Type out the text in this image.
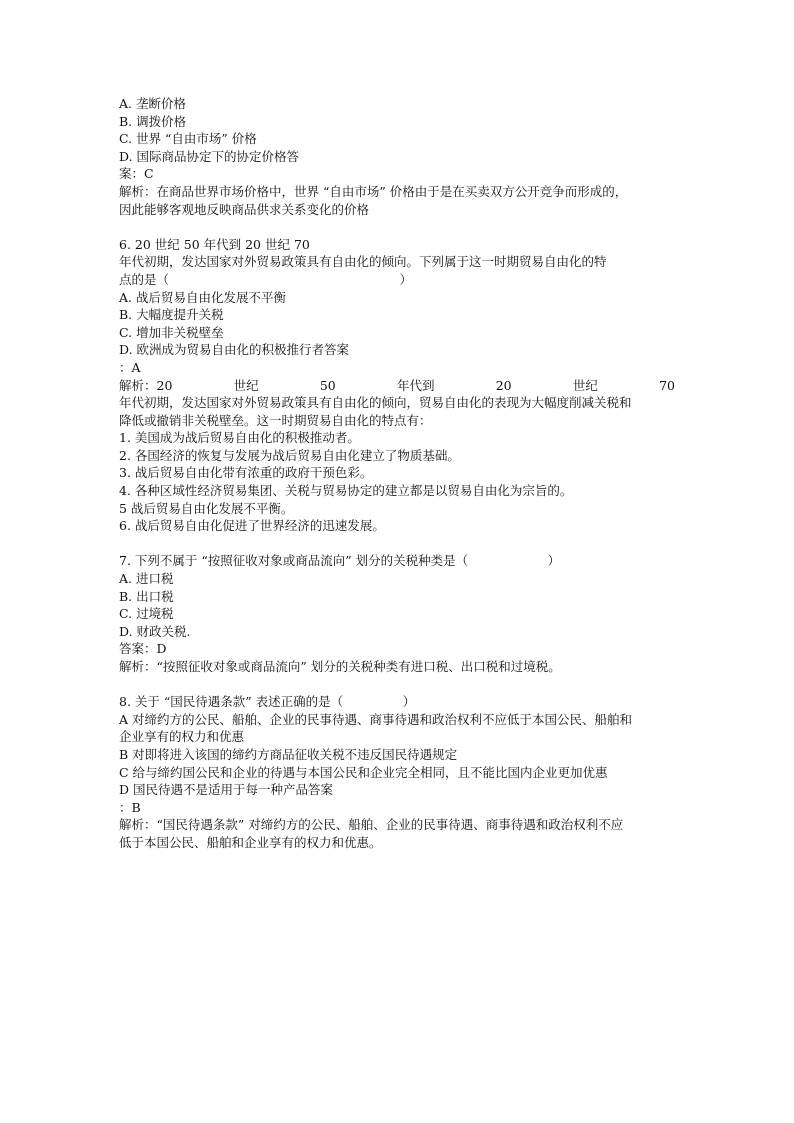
A. 垄断价格
B. 调拨价格
C. 世界 “自由市场” 价格
D. 国际商品协定下的协定价格答
案：C
解析：在商品世界市场价格中，世界 “自由市场” 价格由于是在买卖双方公开竞争而形成的，
因此能够客观地反映商品供求关系变化的价格
6. 20 世纪 50 年代到 20 世纪 70
年代初期，发达国家对外贸易政策具有自由化的倾向。下列属于这一时期贸易自由化的特
点的是（                                                          ）
A. 战后贸易自由化发展不平衡
B. 大幅度提升关税
C. 增加非关税壁垒
D. 欧洲成为贸易自由化的积极推行者答案
：A
解析：20	世纪	50	年代到	20	世纪	70
年代初期，发达国家对外贸易政策具有自由化的倾向，贸易自由化的表现为大幅度削减关税和
降低或撤销非关税壁垒。这一时期贸易自由化的特点有：
1. 美国成为战后贸易自由化的积极推动者。
2. 各国经济的恢复与发展为战后贸易自由化建立了物质基础。
3. 战后贸易自由化带有浓重的政府干预色彩。
4. 各种区域性经济贸易集团、关税与贸易协定的建立都是以贸易自由化为宗旨的。
5 战后贸易自由化发展不平衡。
6. 战后贸易自由化促进了世界经济的迅速发展。
7. 下列不属于 “按照征收对象或商品流向” 划分的关税种类是（                    ）
A. 进口税
B. 出口税
C. 过境税
D. 财政关税.
答案：D
解析：“按照征收对象或商品流向” 划分的关税种类有进口税、出口税和过境税。
8. 关于 “国民待遇条款” 表述正确的是（               ）
A 对缔约方的公民、船舶、企业的民事待遇、商事待遇和政治权利不应低于本国公民、船舶和
企业享有的权力和优惠
B 对即将进入该国的缔约方商品征收关税不违反国民待遇规定
C 给与缔约国公民和企业的待遇与本国公民和企业完全相同，且不能比国内企业更加优惠
D 国民待遇不是适用于每一种产品答案
：B
解析：“国民待遇条款” 对缔约方的公民、船舶、企业的民事待遇、商事待遇和政治权利不应
低于本国公民、船舶和企业享有的权力和优惠。
